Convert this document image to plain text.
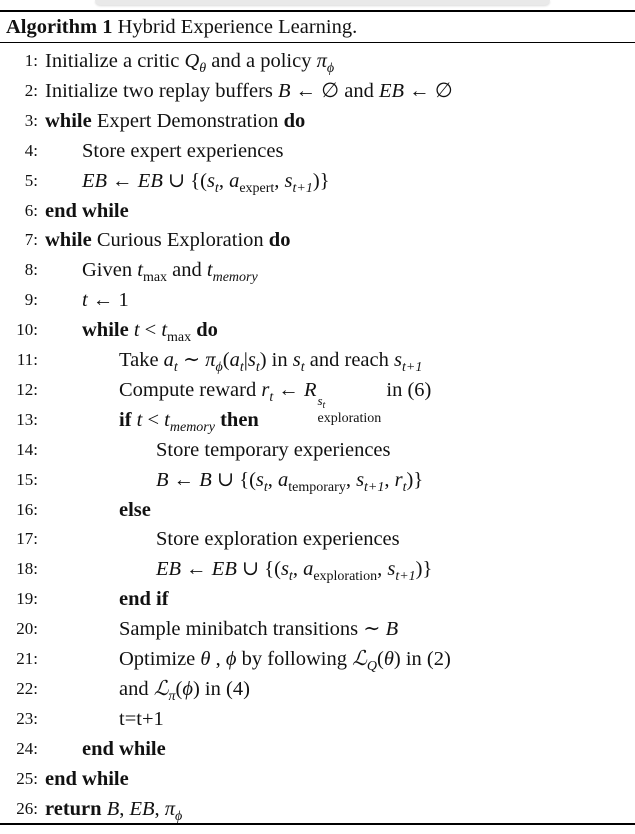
Algorithm 1 Hybrid Experience Learning.
1: Initialize a critic $Q_\theta$ and a policy $\pi_\phi$
2: Initialize two replay buffers B ← ∅ and EB ← ∅
3: while Expert Demonstration do
4: Store expert experiences
5: EB ← EB ∪ {($s_t$, $a_{expert}$, $s_{t+1}$)}
6: end while
7: while Curious Exploration do
8: Given $t_{max}$ and $t_{memory}$
9: t ← 1
10: while $t < t_{max}$ do
11:	Take $a_t$ ∼ $\pi_\phi(a_t|s_t)$ in $s_t$ and reach $s_{t+1}$
12:	Compute reward $r_t$ ← R $s_t$
exploration
in (6)
13:	if $t < t_{memory}$ then
14:	Store temporary experiences
15:	B ← B ∪ {($s_t$, $a_{temporary}$, $s_{t+1}$, $r_t$)}
16:	else
17:	Store exploration experiences
18:	EB ← EB ∪ {($s_t$, $a_{exploration}$, $s_{t+1}$)}
19:	end if
20:	Sample minibatch transitions ∼ B
21:	Optimize θ , ϕ by following ℒ$_Q$(θ) in (2)
22:	and ℒ$_\pi$(ϕ) in (4)
23:	t=t+1
24: end while
25: end while
26: return B, EB, $\pi_\phi$
